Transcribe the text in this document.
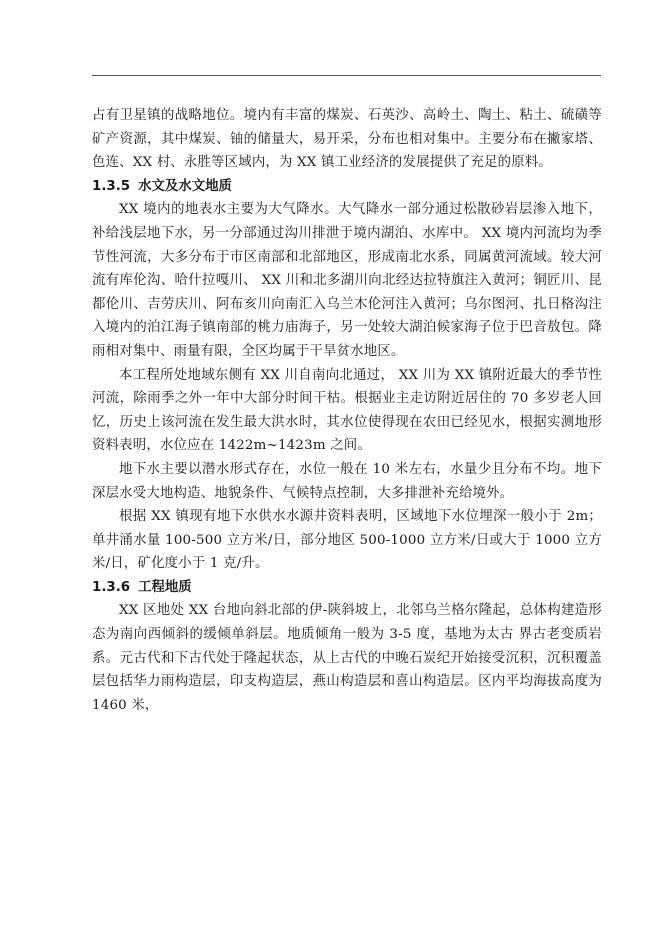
占有卫星镇的战略地位。境内有丰富的煤炭、石英沙、高岭土、陶土、粘土、硫磺等矿产资源，其中煤炭、铀的储量大，易开采，分布也相对集中。主要分布在撇家塔、色连、XX 村、永胜等区域内，为 XX 镇工业经济的发展提供了充足的原料。

1.3.5 水文及水文地质

XX 境内的地表水主要为大气降水。大气降水一部分通过松散砂岩层渗入地下，补给浅层地下水，另一分部通过沟川排泄于境内湖泊、水库中。 XX 境内河流均为季节性河流，大多分布于市区南部和北部地区，形成南北水系，同属黄河流域。较大河流有库伦沟、哈什拉嘎川、 XX 川和北多湖川向北经达拉特旗注入黄河；铜匠川、昆都伦川、吉劳庆川、阿布亥川向南汇入乌兰木伦河注入黄河；乌尔图河、扎日格沟注入境内的泊江海子镇南部的桃力庙海子，另一处较大湖泊候家海子位于巴音敖包。降雨相对集中、雨量有限，全区均属于干旱贫水地区。

本工程所处地域东侧有 XX 川自南向北通过， XX 川为 XX 镇附近最大的季节性河流，除雨季之外一年中大部分时间干枯。根据业主走访附近居住的 70 多岁老人回忆，历史上该河流在发生最大洪水时，其水位使得现在农田已经见水，根据实测地形资料表明，水位应在 1422m~1423m 之间。

地下水主要以潜水形式存在，水位一般在 10 米左右，水量少且分布不均。地下深层水受大地构造、地貌条件、气候特点控制，大多排泄补充给境外。

根据 XX 镇现有地下水供水水源井资料表明，区域地下水位埋深一般小于 2m；单井涌水量 100-500 立方米/日，部分地区 500-1000 立方米/日或大于 1000 立方米/日，矿化度小于 1 克/升。

1.3.6 工程地质

XX 区地处 XX 台地向斜北部的伊-陕斜坡上，北邻乌兰格尔隆起，总体构建造形态为南向西倾斜的缓倾单斜层。地质倾角一般为 3-5 度，基地为太古 界古老变质岩系。元古代和下古代处于隆起状态，从上古代的中晚石炭纪开始接受沉积，沉积覆盖层包括华力雨构造层，印支构造层，燕山构造层和喜山构造层。区内平均海拔高度为1460 米，
